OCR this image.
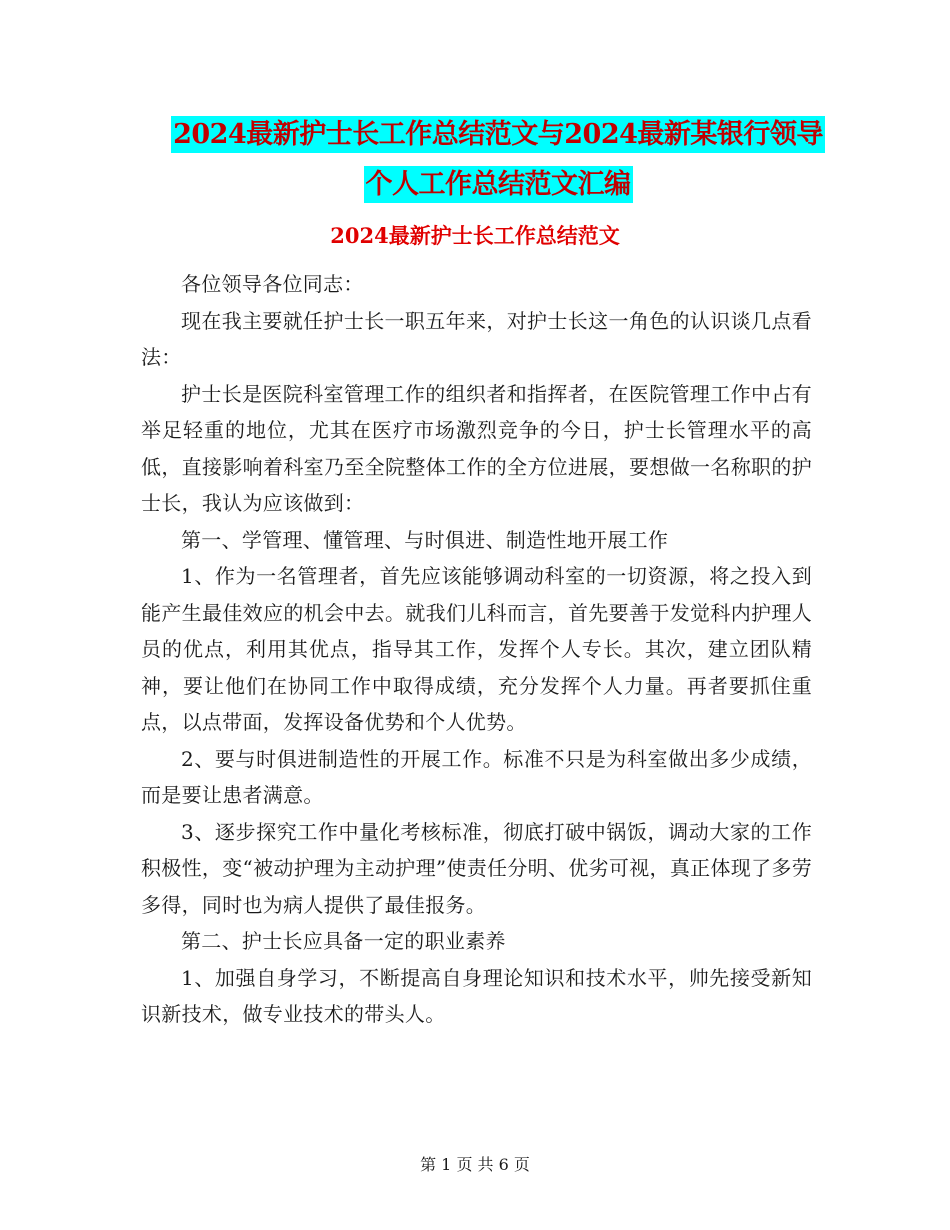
2024最新护士长工作总结范文与2024最新某银行领导
个人工作总结范文汇编
2024最新护士长工作总结范文

各位领导各位同志：

现在我主要就任护士长一职五年来，对护士长这一角色的认识谈几点看法：

护士长是医院科室管理工作的组织者和指挥者，在医院管理工作中占有举足轻重的地位，尤其在医疗市场激烈竞争的今日，护士长管理水平的高低，直接影响着科室乃至全院整体工作的全方位进展，要想做一名称职的护士长，我认为应该做到：

第一、学管理、懂管理、与时俱进、制造性地开展工作

1、作为一名管理者，首先应该能够调动科室的一切资源，将之投入到能产生最佳效应的机会中去。就我们儿科而言，首先要善于发觉科内护理人员的优点，利用其优点，指导其工作，发挥个人专长。其次，建立团队精神，要让他们在协同工作中取得成绩，充分发挥个人力量。再者要抓住重点，以点带面，发挥设备优势和个人优势。

2、要与时俱进制造性的开展工作。标准不只是为科室做出多少成绩，而是要让患者满意。

3、逐步探究工作中量化考核标准，彻底打破中锅饭，调动大家的工作积极性，变“被动护理为主动护理”使责任分明、优劣可视，真正体现了多劳多得，同时也为病人提供了最佳报务。

第二、护士长应具备一定的职业素养

1、加强自身学习，不断提高自身理论知识和技术水平，帅先接受新知识新技术，做专业技术的带头人。

第 1 页 共 6 页
